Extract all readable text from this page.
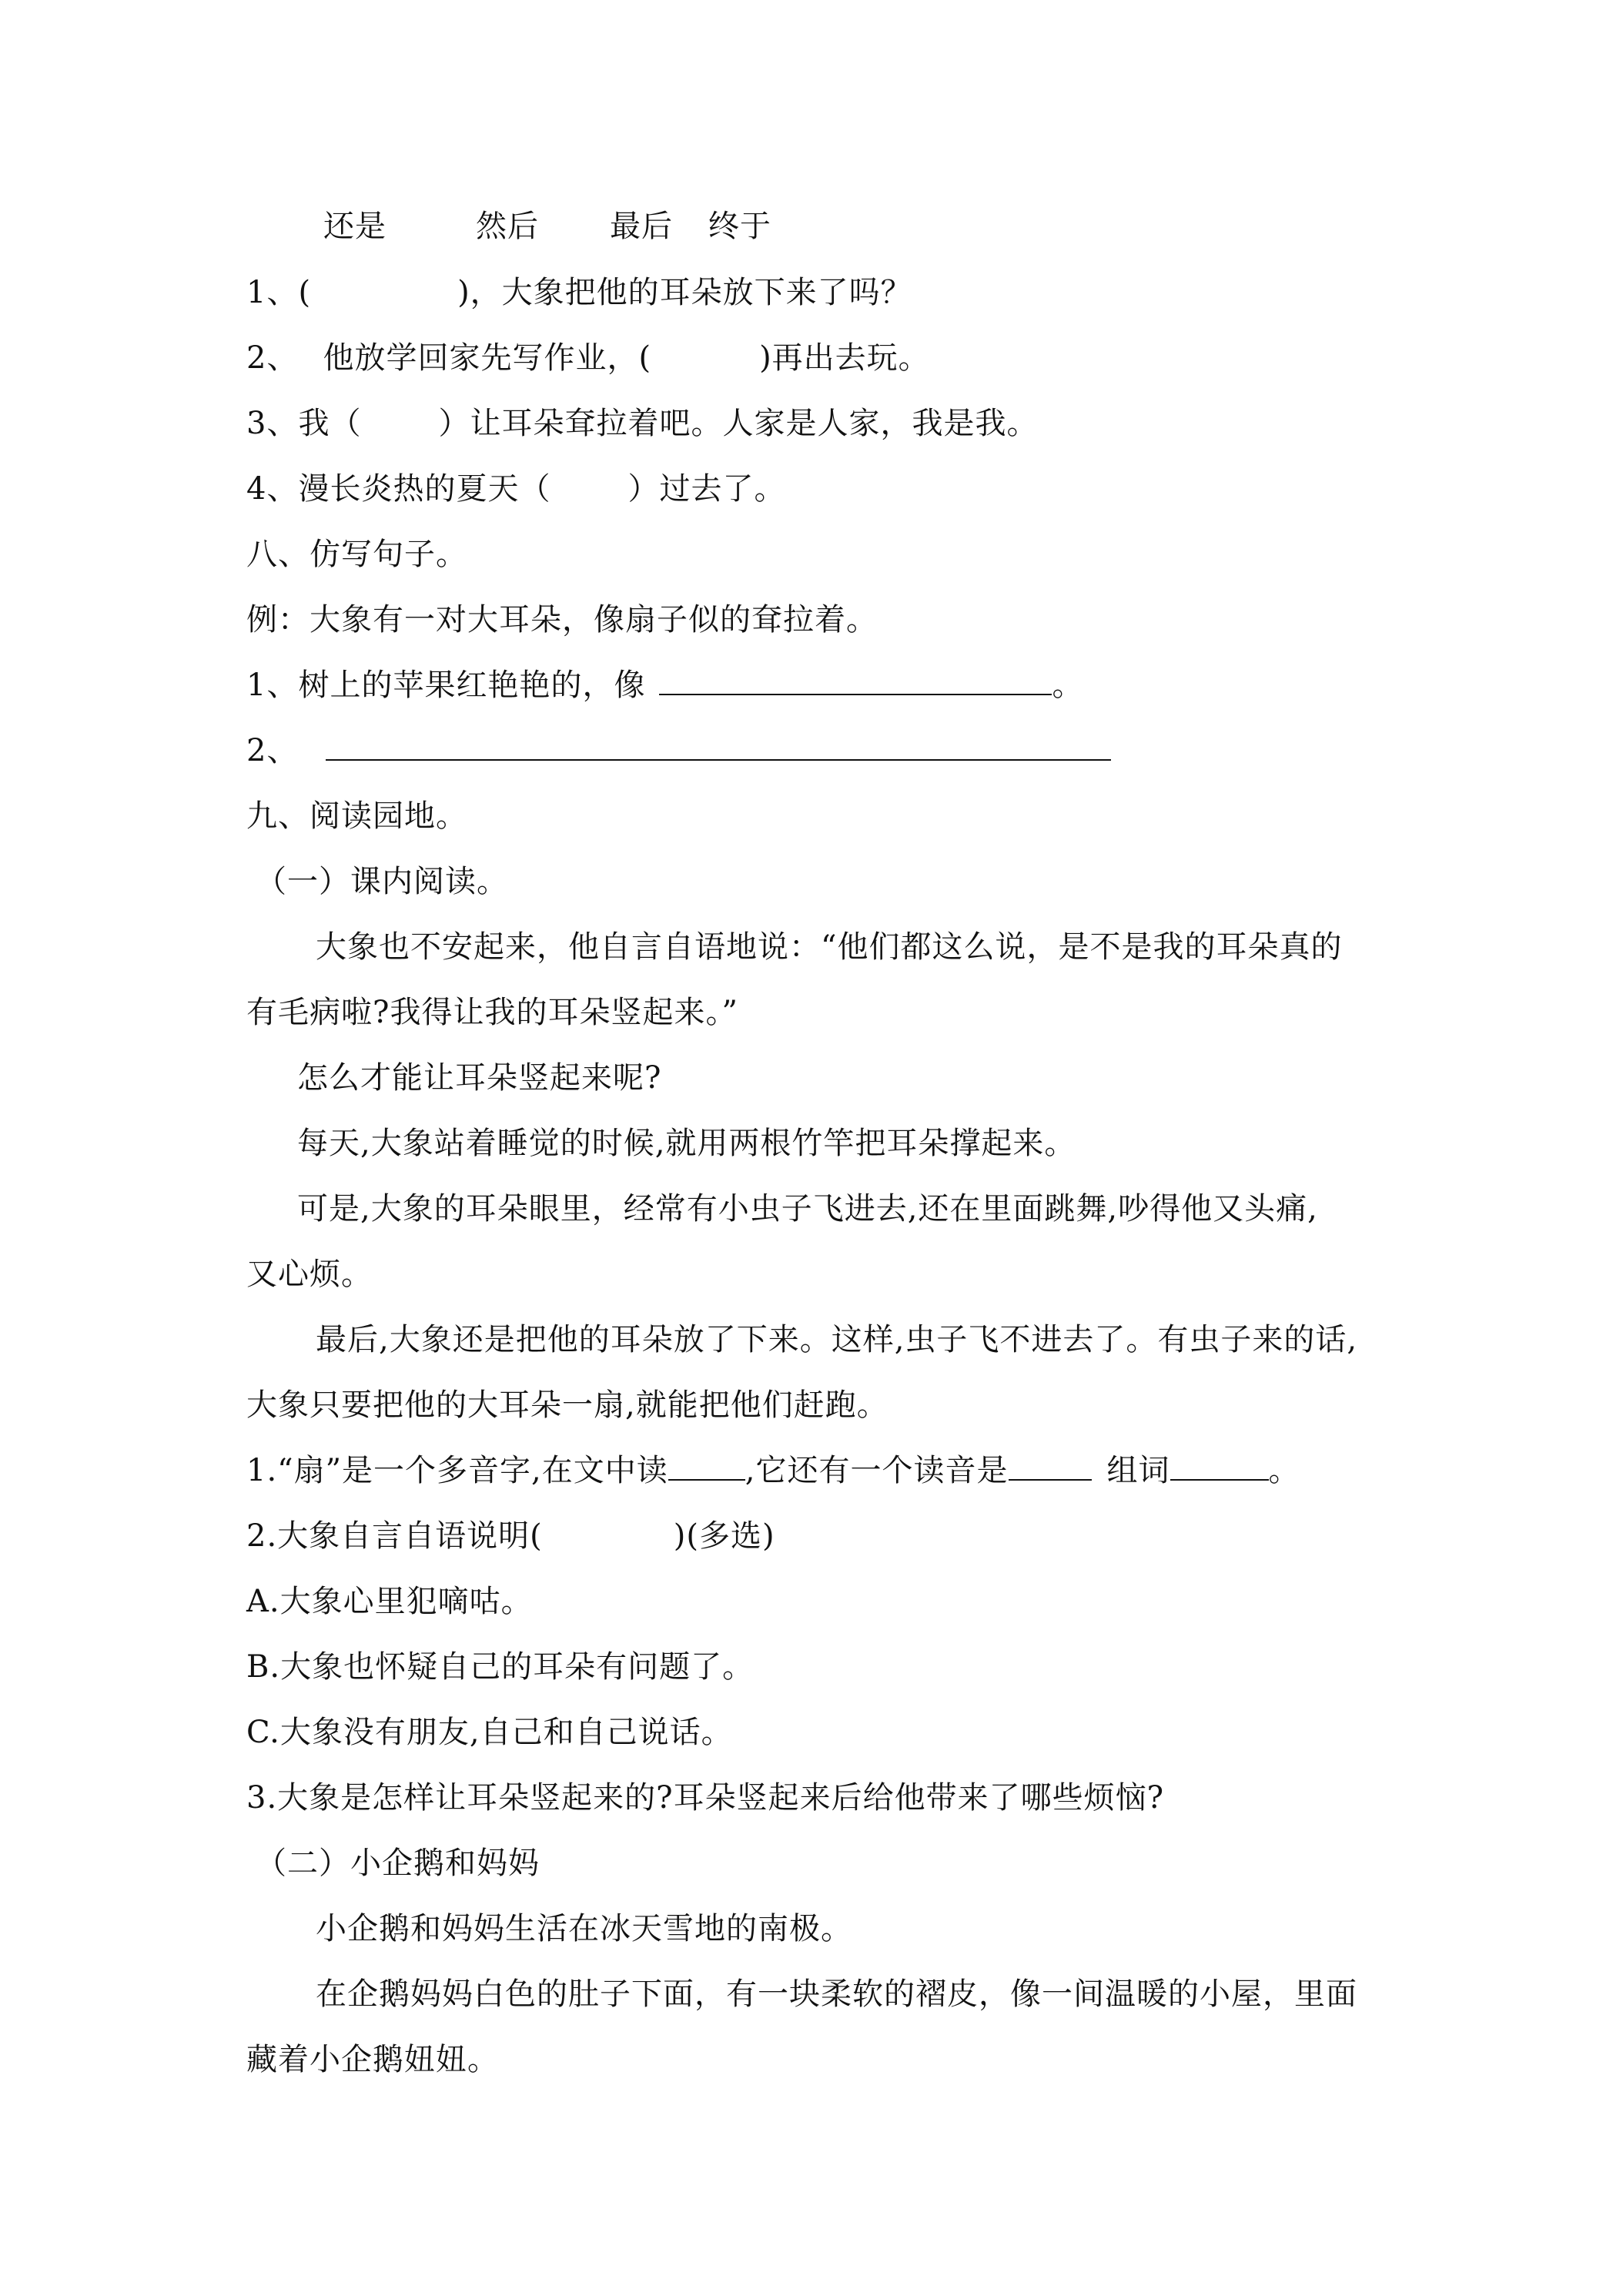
还是	然后 最后 终于
1、(	)，大象把他的耳朵放下来了吗？
2、 他放学回家先写作业，(	)再出去玩。
3、我（	）让耳朵耷拉着吧。人家是人家，我是我。
4、漫长炎热的夏天（	）过去了。
八、仿写句子。
例：大象有一对大耳朵，像扇子似的耷拉着。
1、树上的苹果红艳艳的，像	。
2、
九、阅读园地。
（一）课内阅读。
大象也不安起来，他自言自语地说：“他们都这么说，是不是我的耳朵真的
有毛病啦?我得让我的耳朵竖起来。”
怎么才能让耳朵竖起来呢?
每天,大象站着睡觉的时候,就用两根竹竿把耳朵撑起来。
可是,大象的耳朵眼里，经常有小虫子飞进去,还在里面跳舞,吵得他又头痛,
又心烦。
最后,大象还是把他的耳朵放了下来。这样,虫子飞不进去了。有虫子来的话,
大象只要把他的大耳朵一扇,就能把他们赶跑。
1.“扇”是一个多音字,在文中读	,它还有一个读音是	组词	。
2.大象自言自语说明(	)(多选)
A.大象心里犯嘀咕。
B.大象也怀疑自己的耳朵有问题了。
C.大象没有朋友,自己和自己说话。
3.大象是怎样让耳朵竖起来的?耳朵竖起来后给他带来了哪些烦恼?
（二）小企鹅和妈妈
小企鹅和妈妈生活在冰天雪地的南极。
在企鹅妈妈白色的肚子下面，有一块柔软的褶皮，像一间温暖的小屋，里面
藏着小企鹅妞妞。
